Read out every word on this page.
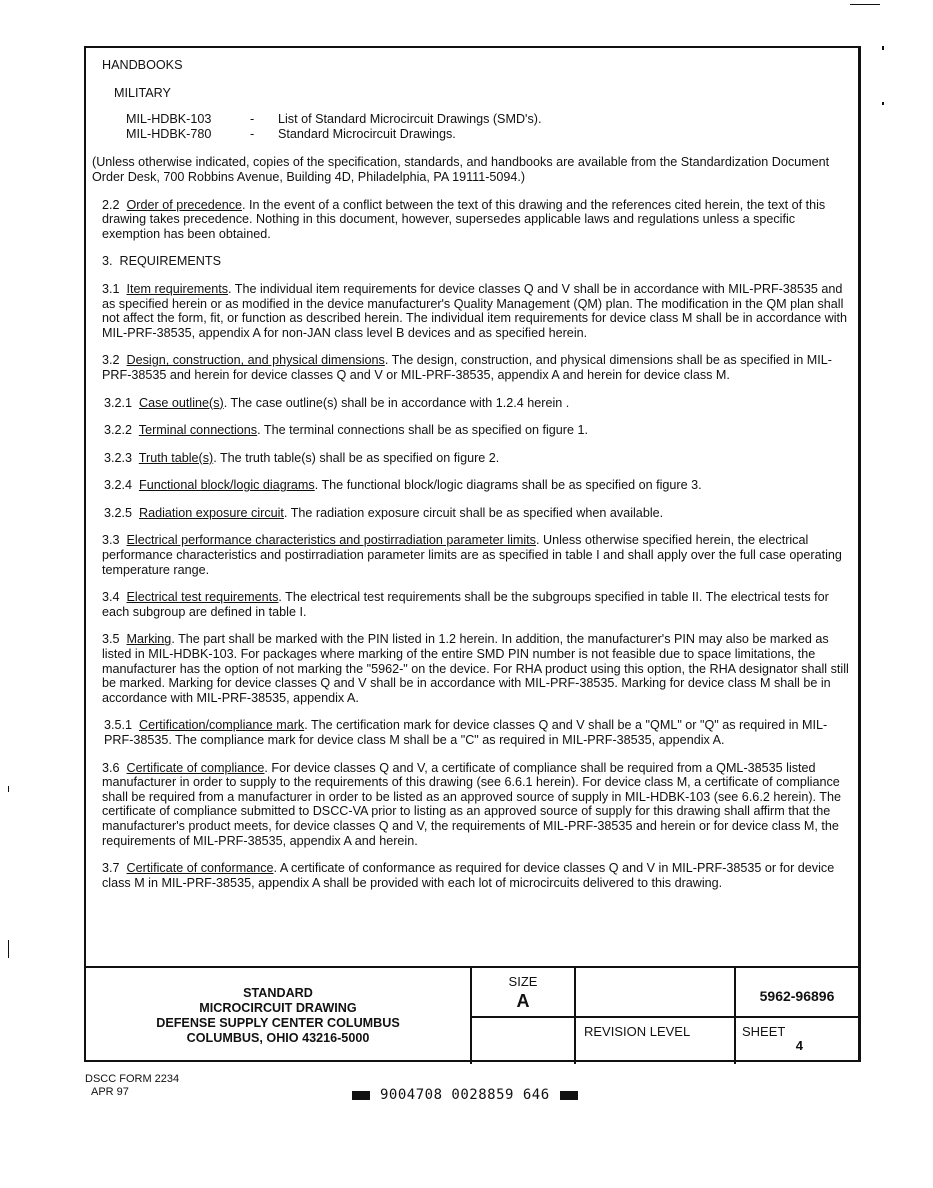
HANDBOOKS

MILITARY

MIL-HDBK-103	-	List of Standard Microcircuit Drawings (SMD's).
MIL-HDBK-780	-	Standard Microcircuit Drawings.

(Unless otherwise indicated, copies of the specification, standards, and handbooks are available from the Standardization Document Order Desk, 700 Robbins Avenue, Building 4D, Philadelphia, PA 19111-5094.)

2.2 Order of precedence. In the event of a conflict between the text of this drawing and the references cited herein, the text of this drawing takes precedence. Nothing in this document, however, supersedes applicable laws and regulations unless a specific exemption has been obtained.

3. REQUIREMENTS

3.1 Item requirements. The individual item requirements for device classes Q and V shall be in accordance with MIL-PRF-38535 and as specified herein or as modified in the device manufacturer's Quality Management (QM) plan. The modification in the QM plan shall not affect the form, fit, or function as described herein. The individual item requirements for device class M shall be in accordance with MIL-PRF-38535, appendix A for non-JAN class level B devices and as specified herein.

3.2 Design, construction, and physical dimensions. The design, construction, and physical dimensions shall be as specified in MIL-PRF-38535 and herein for device classes Q and V or MIL-PRF-38535, appendix A and herein for device class M.

3.2.1 Case outline(s). The case outline(s) shall be in accordance with 1.2.4 herein .

3.2.2 Terminal connections. The terminal connections shall be as specified on figure 1.

3.2.3 Truth table(s). The truth table(s) shall be as specified on figure 2.

3.2.4 Functional block/logic diagrams. The functional block/logic diagrams shall be as specified on figure 3.

3.2.5 Radiation exposure circuit. The radiation exposure circuit shall be as specified when available.

3.3 Electrical performance characteristics and postirradiation parameter limits. Unless otherwise specified herein, the electrical performance characteristics and postirradiation parameter limits are as specified in table I and shall apply over the full case operating temperature range.

3.4 Electrical test requirements. The electrical test requirements shall be the subgroups specified in table II. The electrical tests for each subgroup are defined in table I.

3.5 Marking. The part shall be marked with the PIN listed in 1.2 herein. In addition, the manufacturer's PIN may also be marked as listed in MIL-HDBK-103. For packages where marking of the entire SMD PIN number is not feasible due to space limitations, the manufacturer has the option of not marking the "5962-" on the device. For RHA product using this option, the RHA designator shall still be marked. Marking for device classes Q and V shall be in accordance with MIL-PRF-38535. Marking for device class M shall be in accordance with MIL-PRF-38535, appendix A.

3.5.1 Certification/compliance mark. The certification mark for device classes Q and V shall be a "QML" or "Q" as required in MIL-PRF-38535. The compliance mark for device class M shall be a "C" as required in MIL-PRF-38535, appendix A.

3.6 Certificate of compliance. For device classes Q and V, a certificate of compliance shall be required from a QML-38535 listed manufacturer in order to supply to the requirements of this drawing (see 6.6.1 herein). For device class M, a certificate of compliance shall be required from a manufacturer in order to be listed as an approved source of supply in MIL-HDBK-103 (see 6.6.2 herein). The certificate of compliance submitted to DSCC-VA prior to listing as an approved source of supply for this drawing shall affirm that the manufacturer's product meets, for device classes Q and V, the requirements of MIL-PRF-38535 and herein or for device class M, the requirements of MIL-PRF-38535, appendix A and herein.

3.7 Certificate of conformance. A certificate of conformance as required for device classes Q and V in MIL-PRF-38535 or for device class M in MIL-PRF-38535, appendix A shall be provided with each lot of microcircuits delivered to this drawing.

STANDARD
MICROCIRCUIT DRAWING
DEFENSE SUPPLY CENTER COLUMBUS
COLUMBUS, OHIO 43216-5000
SIZE
A	5962-96896
REVISION LEVEL	SHEET
4
DSCC FORM 2234
APR 97	9004708 0028859 646
